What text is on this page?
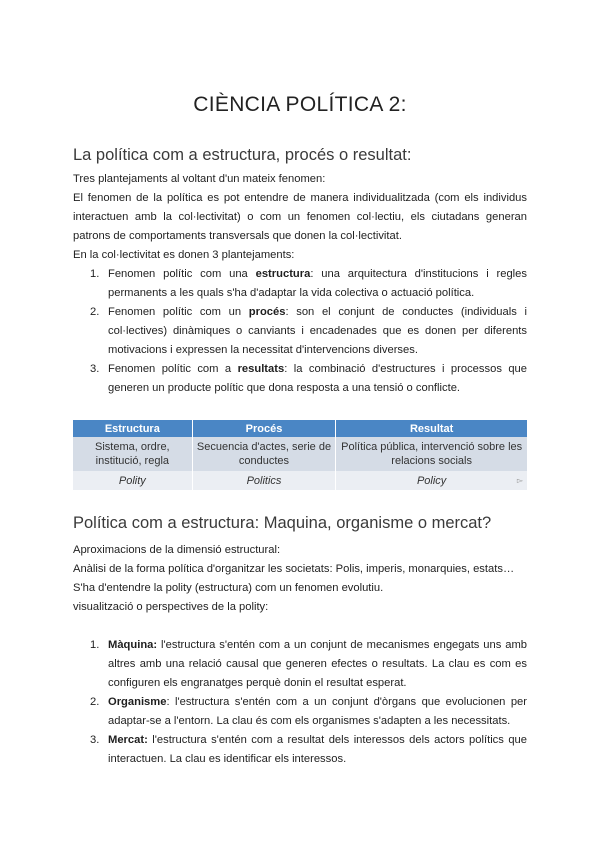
CIÈNCIA POLÍTICA 2:
La política com a estructura, procés o resultat:
Tres plantejaments al voltant d'un mateix fenomen:
El fenomen de la política es pot entendre de manera individualitzada (com els individus interactuen amb la col·lectivitat) o com un fenomen col·lectiu, els ciutadans generan patrons de comportaments transversals que donen la col·lectivitat.
En la col·lectivitat es donen 3 plantejaments:
1. Fenomen polític com una estructura: una arquitectura d'institucions i regles permanents a les quals s'ha d'adaptar la vida colectiva o actuació política.
2. Fenomen polític com un procés: son el conjunt de conductes (individuals i col·lectives) dinàmiques o canviants i encadenades que es donen per diferents motivacions i expressen la necessitat d'intervencions diverses.
3. Fenomen polític com a resultats: la combinació d'estructures i processos que generen un producte polític que dona resposta a una tensió o conflicte.
Estructura	Procés	Resultat
Sistema, ordre, institució, regla	Secuencia d'actes, serie de conductes	Política pública, intervenció sobre les relacions socials
Polity	Politics	Policy ▻
Política com a estructura: Maquina, organisme o mercat?
Aproximacions de la dimensió estructural:
Anàlisi de la forma política d'organitzar les societats: Polis, imperis, monarquies, estats…
S'ha d'entendre la polity (estructura) com un fenomen evolutiu.
visualització o perspectives de la polity:
1. Màquina: l'estructura s'entén com a un conjunt de mecanismes engegats uns amb altres amb una relació causal que generen efectes o resultats. La clau es com es configuren els engranatges perquè donin el resultat esperat.
2. Organisme: l'estructura s'entén com a un conjunt d'òrgans que evolucionen per adaptar-se a l'entorn. La clau és com els organismes s'adapten a les necessitats.
3. Mercat: l'estructura s'entén com a resultat dels interessos dels actors polítics que interactuen. La clau es identificar els interessos.
